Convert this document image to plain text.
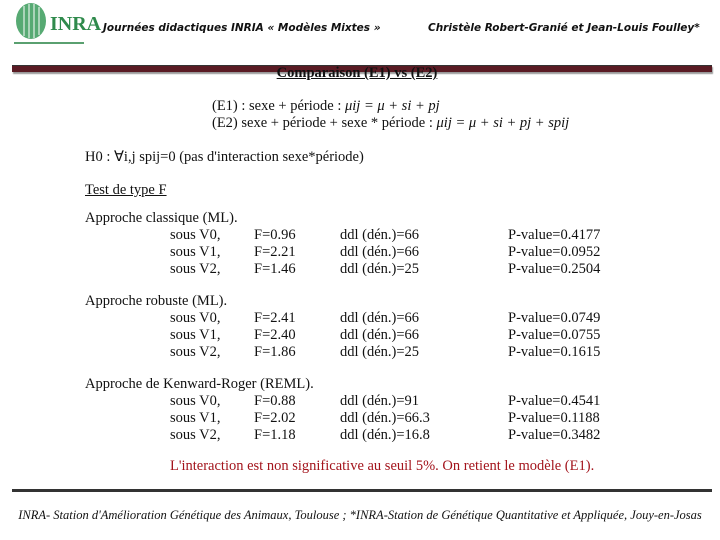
INRA Journées didactiques INRIA « Modèles Mixtes »	Christèle Robert-Granié et Jean-Louis Foulley*
Comparaison (E1) vs (E2)
(E1) : sexe + période : μij = μ + si + pj
(E2) sexe + période + sexe * période : μij = μ + si + pj + spij
H0 : ∀i,j spij=0 (pas d'interaction sexe*période)
Test de type F
Approche classique (ML).
sous V0, F=0.96	ddl (dén.)=66	P-value=0.4177
sous V1, F=2.21	ddl (dén.)=66	P-value=0.0952
sous V2, F=1.46	ddl (dén.)=25	P-value=0.2504
Approche robuste (ML).
sous V0, F=2.41	ddl (dén.)=66	P-value=0.0749
sous V1, F=2.40	ddl (dén.)=66	P-value=0.0755
sous V2, F=1.86	ddl (dén.)=25	P-value=0.1615
Approche de Kenward-Roger (REML).
sous V0, F=0.88	ddl (dén.)=91	P-value=0.4541
sous V1, F=2.02	ddl (dén.)=66.3	P-value=0.1188
sous V2, F=1.18	ddl (dén.)=16.8	P-value=0.3482
L'interaction est non significative au seuil 5%. On retient le modèle (E1).
INRA- Station d'Amélioration Génétique des Animaux, Toulouse ; *INRA-Station de Génétique Quantitative et Appliquée, Jouy-en-Josas
